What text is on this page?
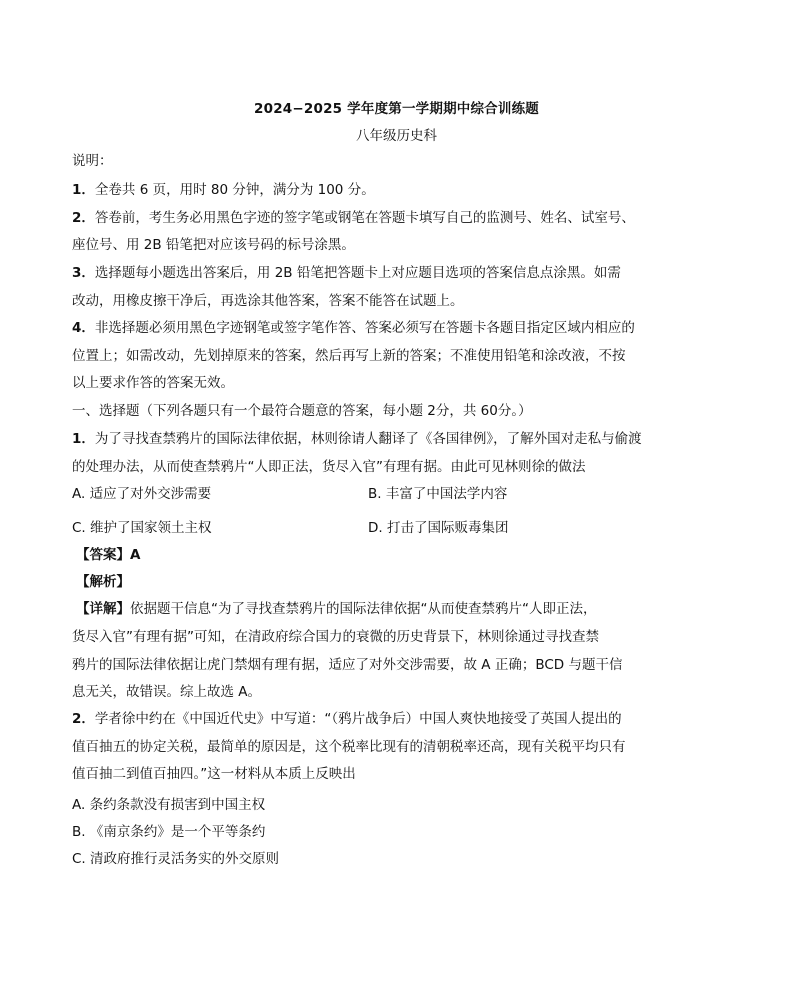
2024−2025 学年度第一学期期中综合训练题
八年级历史科
说明：
1．全卷共 6 页，用时 80 分钟，满分为 100 分。
2．答卷前，考生务必用黑色字迹的签字笔或钢笔在答题卡填写自己的监测号、姓名、试室号、
座位号、用 2B 铅笔把对应该号码的标号涂黑。
3．选择题每小题选出答案后，用 2B 铅笔把答题卡上对应题目选项的答案信息点涂黑。如需
改动，用橡皮擦干净后，再选涂其他答案，答案不能答在试题上。
4．非选择题必须用黑色字迹钢笔或签字笔作答、答案必须写在答题卡各题目指定区域内相应的
位置上；如需改动，先划掉原来的答案，然后再写上新的答案；不准使用铅笔和涂改液，不按
以上要求作答的答案无效。
一、选择题（下列各题只有一个最符合题意的答案，每小题 2分，共 60分。）
1．为了寻找查禁鸦片的国际法律依据，林则徐请人翻译了《各国律例》，了解外国对走私与偷渡
的处理办法，从而使查禁鸦片“人即正法，货尽入官”有理有据。由此可见林则徐的做法
A. 适应了对外交涉需要	B. 丰富了中国法学内容
C. 维护了国家领土主权	D. 打击了国际贩毒集团
【答案】A
【解析】
【详解】依据题干信息“为了寻找查禁鸦片的国际法律依据“从而使查禁鸦片“人即正法，
货尽入官”有理有据”可知，在清政府综合国力的衰微的历史背景下，林则徐通过寻找查禁
鸦片的国际法律依据让虎门禁烟有理有据，适应了对外交涉需要，故 A 正确；BCD 与题干信
息无关，故错误。综上故选 A。
2．学者徐中约在《中国近代史》中写道：“（鸦片战争后）中国人爽快地接受了英国人提出的
值百抽五的协定关税，最简单的原因是，这个税率比现有的清朝税率还高，现有关税平均只有
值百抽二到值百抽四。”这一材料从本质上反映出
A. 条约条款没有损害到中国主权
B. 《南京条约》是一个平等条约
C. 清政府推行灵活务实的外交原则
